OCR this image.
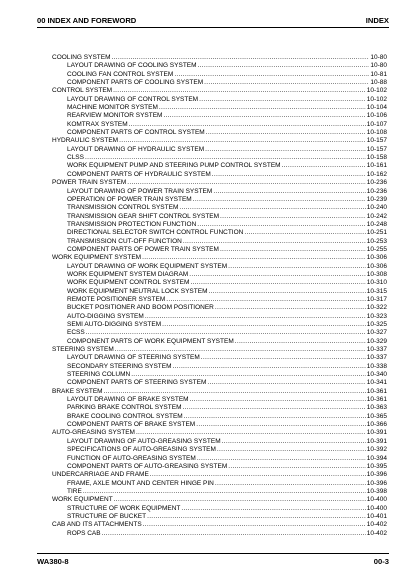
00 INDEX AND FOREWORD	INDEX
COOLING SYSTEM .....	10-80
LAYOUT DRAWING OF COOLING SYSTEM .....	10-80
COOLING FAN CONTROL SYSTEM .....	10-81
COMPONENT PARTS OF COOLING SYSTEM .....	10-88
CONTROL SYSTEM .....	10-102
LAYOUT DRAWING OF CONTROL SYSTEM .....	10-102
MACHINE MONITOR SYSTEM .....	10-104
REARVIEW MONITOR SYSTEM .....	10-106
KOMTRAX SYSTEM .....	10-107
COMPONENT PARTS OF CONTROL SYSTEM .....	10-108
HYDRAULIC SYSTEM .....	10-157
LAYOUT DRAWING OF HYDRAULIC SYSTEM .....	10-157
CLSS .....	10-158
WORK EQUIPMENT PUMP AND STEERING PUMP CONTROL SYSTEM .....	10-161
COMPONENT PARTS OF HYDRAULIC SYSTEM .....	10-162
POWER TRAIN SYSTEM .....	10-236
LAYOUT DRAWING OF POWER TRAIN SYSTEM .....	10-236
OPERATION OF POWER TRAIN SYSTEM .....	10-239
TRANSMISSION CONTROL SYSTEM .....	10-240
TRANSMISSION GEAR SHIFT CONTROL SYSTEM .....	10-242
TRANSMISSION PROTECTION FUNCTION .....	10-248
DIRECTIONAL SELECTOR SWITCH CONTROL FUNCTION .....	10-251
TRANSMISSION CUT-OFF FUNCTION .....	10-253
COMPONENT PARTS OF POWER TRAIN SYSTEM .....	10-255
WORK EQUIPMENT SYSTEM .....	10-306
LAYOUT DRAWING OF WORK EQUIPMENT SYSTEM .....	10-306
WORK EQUIPMENT SYSTEM DIAGRAM .....	10-308
WORK EQUIPMENT CONTROL SYSTEM .....	10-310
WORK EQUIPMENT NEUTRAL LOCK SYSTEM .....	10-315
REMOTE POSITIONER SYSTEM .....	10-317
BUCKET POSITIONER AND BOOM POSITIONER .....	10-322
AUTO-DIGGING SYSTEM .....	10-323
SEMI AUTO-DIGGING SYSTEM .....	10-325
ECSS .....	10-327
COMPONENT PARTS OF WORK EQUIPMENT SYSTEM .....	10-329
STEERING SYSTEM .....	10-337
LAYOUT DRAWING OF STEERING SYSTEM .....	10-337
SECONDARY STEERING SYSTEM .....	10-338
STEERING COLUMN .....	10-340
COMPONENT PARTS OF STEERING SYSTEM .....	10-341
BRAKE SYSTEM .....	10-361
LAYOUT DRAWING OF BRAKE SYSTEM .....	10-361
PARKING BRAKE CONTROL SYSTEM .....	10-363
BRAKE COOLING CONTROL SYSTEM .....	10-365
COMPONENT PARTS OF BRAKE SYSTEM .....	10-366
AUTO-GREASING SYSTEM .....	10-391
LAYOUT DRAWING OF AUTO-GREASING SYSTEM .....	10-391
SPECIFICATIONS OF AUTO-GREASING SYSTEM .....	10-392
FUNCTION OF AUTO-GREASING SYSTEM .....	10-394
COMPONENT PARTS OF AUTO-GREASING SYSTEM .....	10-395
UNDERCARRIAGE AND FRAME .....	10-396
FRAME, AXLE MOUNT AND CENTER HINGE PIN .....	10-396
TIRE .....	10-398
WORK EQUIPMENT .....	10-400
STRUCTURE OF WORK EQUIPMENT .....	10-400
STRUCTURE OF BUCKET .....	10-401
CAB AND ITS ATTACHMENTS .....	10-402
ROPS CAB .....	10-402
WA380-8	00-3
